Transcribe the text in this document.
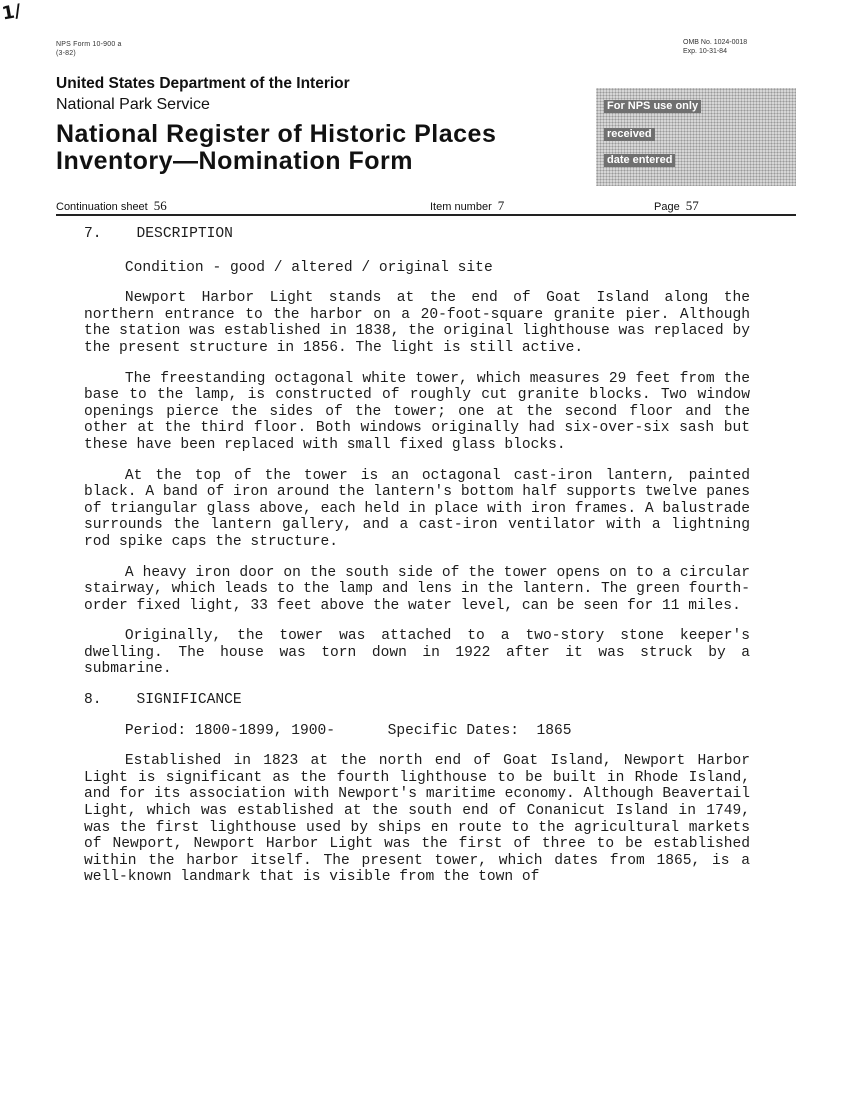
1/
NPS Form 10-900 a
(3-82)
OMB No. 1024-0018
Exp. 10-31-84
United States Department of the Interior
National Park Service
National Register of Historic Places
Inventory—Nomination Form
For NPS use only
received
date entered
Continuation sheet 56	Item number 7	Page 57

7.    DESCRIPTION

Condition - good / altered / original site

Newport Harbor Light stands at the end of Goat Island along the northern entrance to the harbor on a 20-foot-square granite pier. Although the station was established in 1838, the original lighthouse was replaced by the present structure in 1856. The light is still active.

The freestanding octagonal white tower, which measures 29 feet from the base to the lamp, is constructed of roughly cut granite blocks. Two window openings pierce the sides of the tower; one at the second floor and the other at the third floor. Both windows originally had six-over-six sash but these have been replaced with small fixed glass blocks.

At the top of the tower is an octagonal cast-iron lantern, painted black. A band of iron around the lantern's bottom half supports twelve panes of triangular glass above, each held in place with iron frames. A balustrade surrounds the lantern gallery, and a cast-iron ventilator with a lightning rod spike caps the structure.

A heavy iron door on the south side of the tower opens on to a circular stairway, which leads to the lamp and lens in the lantern. The green fourth-order fixed light, 33 feet above the water level, can be seen for 11 miles.

Originally, the tower was attached to a two-story stone keeper's dwelling. The house was torn down in 1922 after it was struck by a submarine.

8.    SIGNIFICANCE

Period: 1800-1899, 1900-      Specific Dates:  1865

Established in 1823 at the north end of Goat Island, Newport Harbor Light is significant as the fourth lighthouse to be built in Rhode Island, and for its association with Newport's maritime economy. Although Beavertail Light, which was established at the south end of Conanicut Island in 1749, was the first lighthouse used by ships en route to the agricultural markets of Newport, Newport Harbor Light was the first of three to be established within the harbor itself. The present tower, which dates from 1865, is a well-known landmark that is visible from the town of
